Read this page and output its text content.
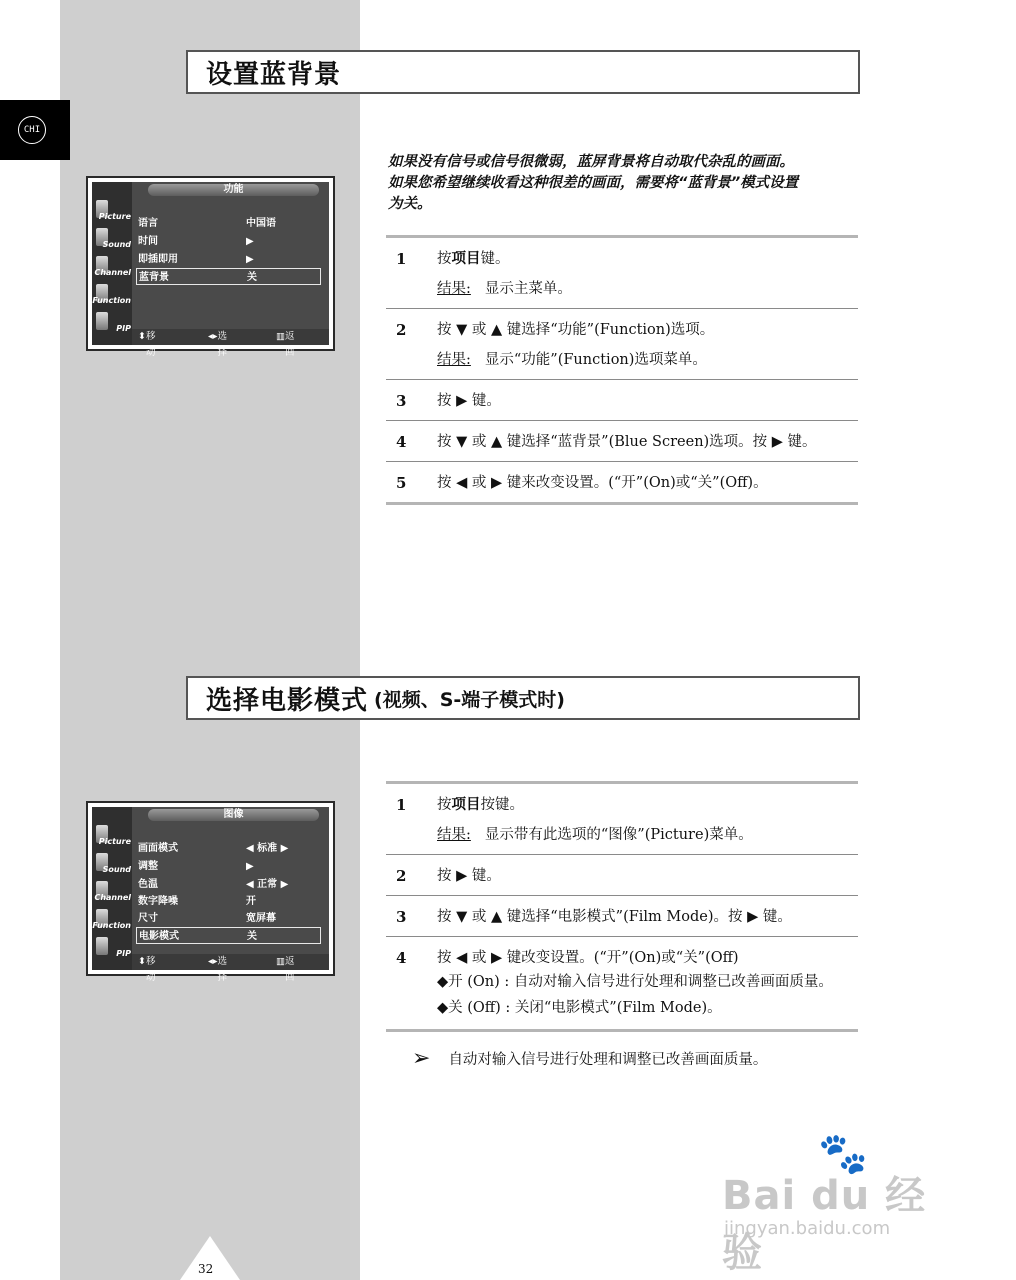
CHI
设置蓝背景
如果没有信号或信号很微弱，蓝屏背景将自动取代杂乱的画面。
如果您希望继续收看这种很差的画面，需要将“蓝背景”模式设置
为关。
Picture
Sound
Channel
Function
PIP
功能
语言	中国语
时间	▶
即插即用	▶
蓝背景	关
⬍ 移动
◂▸ 选择
▥ 返回
1 按项目键。
结果: 显示主菜单。
2 按 ▼ 或 ▲ 键选择“功能”(Function)选项。
结果: 显示“功能”(Function)选项菜单。
3 按 ▶ 键。
4 按 ▼ 或 ▲ 键选择“蓝背景”(Blue Screen)选项。按 ▶ 键。
5 按 ◀ 或 ▶ 键来改变设置。(“开”(On)或“关”(Off)。
选择电影模式 (视频、S-端子模式时)
Picture
Sound
Channel
Function
PIP
图像
画面模式	◀ 标准 ▶
调整	▶
色温	◀ 正常 ▶
数字降噪	开
尺寸	宽屏幕
电影模式	关
⬍ 移动
◂▸ 选择
▥ 返回
1 按项目按键。
结果: 显示带有此选项的“图像”(Picture)菜单。
2 按 ▶ 键。
3 按 ▼ 或 ▲ 键选择“电影模式”(Film Mode)。按 ▶ 键。
4 按 ◀ 或 ▶ 键改变设置。(“开”(On)或“关”(Off)
◆开 (On) : 自动对输入信号进行处理和调整已改善画面质量。
◆关 (Off) : 关闭“电影模式”(Film Mode)。
➢ 自动对输入信号进行处理和调整已改善画面质量。
32
🐾
Bai du 经验
jingyan.baidu.com
